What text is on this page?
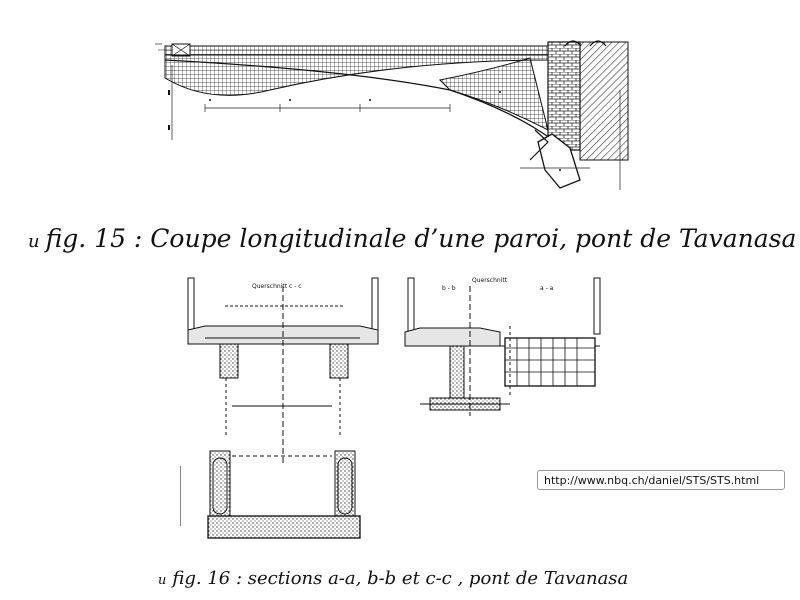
u fig. 15 : Coupe longitudinale d’une paroi, pont de Tavanasa
Querschnitt c - c
Querschnitt
b - b	a - a
http://www.nbq.ch/daniel/STS/STS.html
u fig. 16 : sections a-a, b-b et c-c , pont de Tavanasa
